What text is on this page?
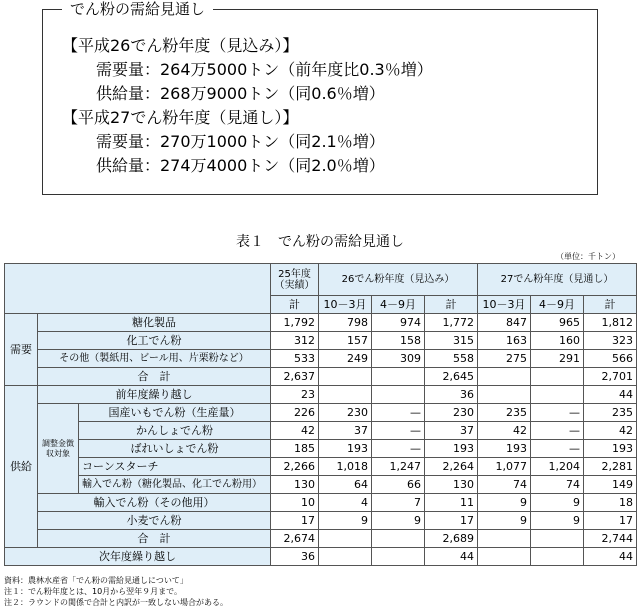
でん粉の需給見通し
【平成26でん粉年度（見込み）】
需要量：264万5000トン（前年度比0.3％増）
供給量：268万9000トン（同0.6％増）
【平成27でん粉年度（見通し）】
需要量：270万1000トン（同2.1％増）
供給量：274万4000トン（同2.0％増）
表１　でん粉の需給見通し
（単位：千トン）
			25年度（実績）	26でん粉年度（見込み）			27でん粉年度（見通し）		
			計	10－3月	4－9月	計	10－3月	4－9月	計
需要	糖化製品		1,792	798	974	1,772	847	965	1,812
	化工でん粉		312	157	158	315	163	160	323
	その他（製紙用、ビール用、片栗粉など）		533	249	309	558	275	291	566
	合　計		2,637			2,645			2,701
供給	前年度繰り越し		23			36			44
	調整金徴収対象	国産いもでん粉（生産量）	226	230	—	230	235	—	235
		かんしょでん粉	42	37	—	37	42	—	42
		ばれいしょでん粉	185	193	—	193	193	—	193
		コーンスターチ	2,266	1,018	1,247	2,264	1,077	1,204	2,281
		輸入でん粉（糖化製品、化工でん粉用）	130	64	66	130	74	74	149
	輸入でん粉（その他用）		10	4	7	11	9	9	18
	小麦でん粉		17	9	9	17	9	9	17
	合　計		2,674			2,689			2,744
次年度繰り越し			36			44			44
資料：農林水産省「でん粉の需給見通しについて」
注１：でん粉年度とは、10月から翌年９月まで。
注２：ラウンドの関係で合計と内訳が一致しない場合がある。
